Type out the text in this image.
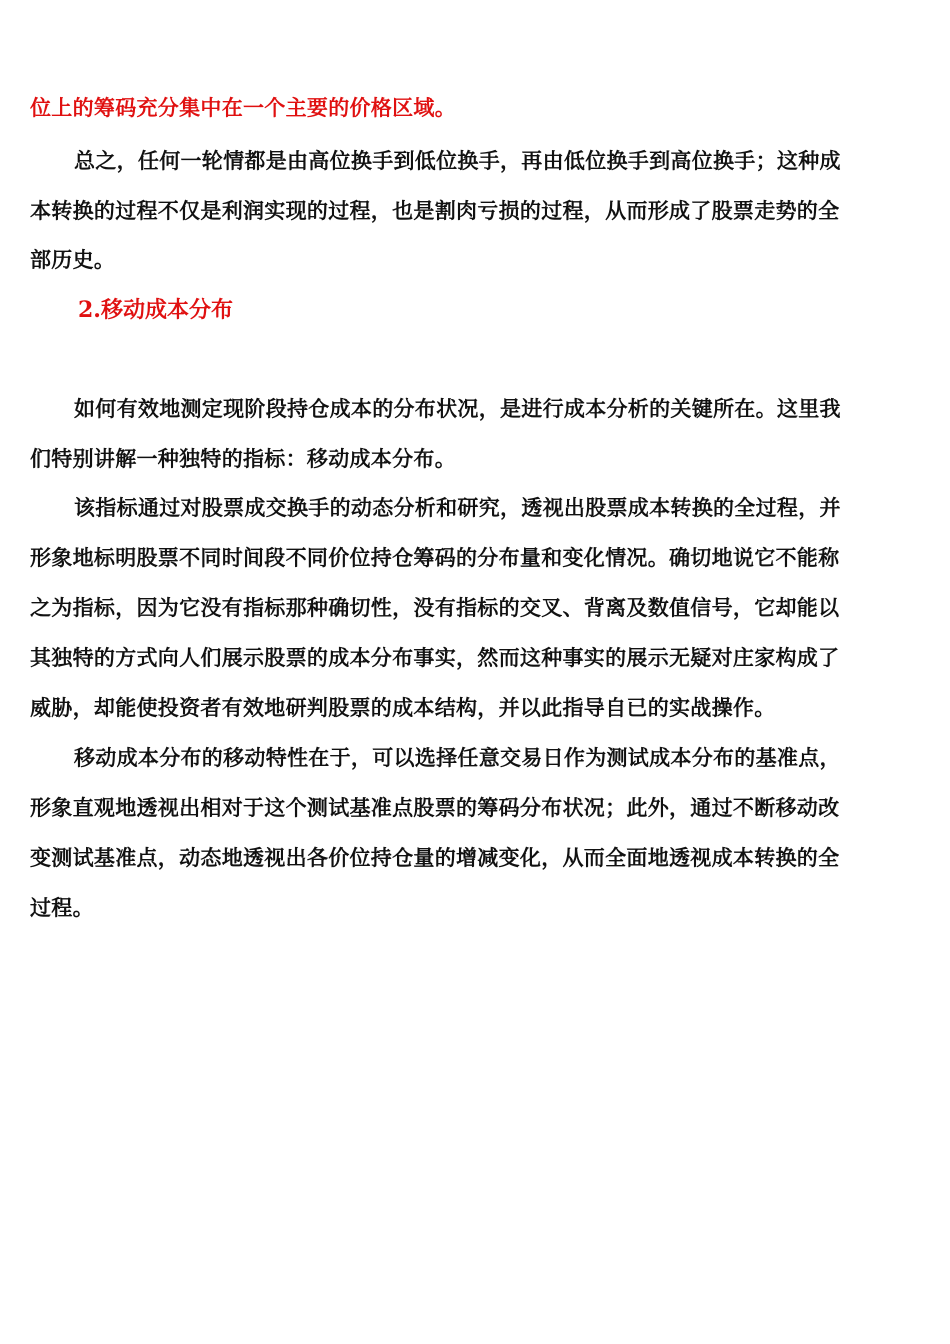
位上的筹码充分集中在一个主要的价格区域。
总之，任何一轮情都是由高位换手到低位换手，再由低位换手到高位换手；这种成
本转换的过程不仅是利润实现的过程，也是割肉亏损的过程，从而形成了股票走势的全
部历史。
2.移动成本分布
如何有效地测定现阶段持仓成本的分布状况，是进行成本分析的关键所在。这里我
们特别讲解一种独特的指标：移动成本分布。
该指标通过对股票成交换手的动态分析和研究，透视出股票成本转换的全过程，并
形象地标明股票不同时间段不同价位持仓筹码的分布量和变化情况。确切地说它不能称
之为指标，因为它没有指标那种确切性，没有指标的交叉、背离及数值信号，它却能以
其独特的方式向人们展示股票的成本分布事实，然而这种事实的展示无疑对庄家构成了
威胁，却能使投资者有效地研判股票的成本结构，并以此指导自已的实战操作。
移动成本分布的移动特性在于，可以选择任意交易日作为测试成本分布的基准点，
形象直观地透视出相对于这个测试基准点股票的筹码分布状况；此外，通过不断移动改
变测试基准点，动态地透视出各价位持仓量的增减变化，从而全面地透视成本转换的全
过程。
